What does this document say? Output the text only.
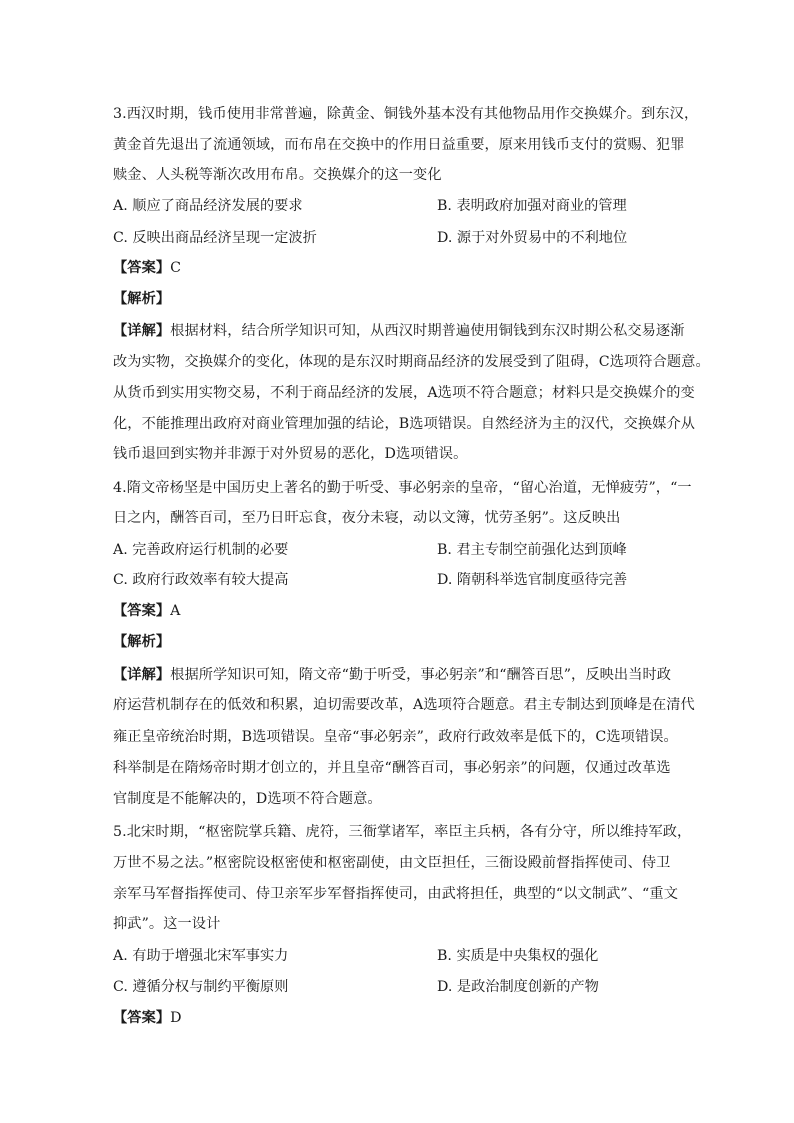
3.西汉时期，钱币使用非常普遍，除黄金、铜钱外基本没有其他物品用作交换媒介。到东汉，
黄金首先退出了流通领域，而布帛在交换中的作用日益重要，原来用钱币支付的赏赐、犯罪
赎金、人头税等渐次改用布帛。交换媒介的这一变化
A. 顺应了商品经济发展的要求	B. 表明政府加强对商业的管理
C. 反映出商品经济呈现一定波折	D. 源于对外贸易中的不利地位
【答案】C
【解析】
【详解】根据材料，结合所学知识可知，从西汉时期普遍使用铜钱到东汉时期公私交易逐渐
改为实物，交换媒介的变化，体现的是东汉时期商品经济的发展受到了阻碍，C选项符合题意。
从货币到实用实物交易，不利于商品经济的发展，A选项不符合题意；材料只是交换媒介的变
化，不能推理出政府对商业管理加强的结论，B选项错误。自然经济为主的汉代，交换媒介从
钱币退回到实物并非源于对外贸易的恶化，D选项错误。
4.隋文帝杨坚是中国历史上著名的勤于听受、事必躬亲的皇帝，“留心治道，无惮疲劳”，“一
日之内，酬答百司，至乃日旰忘食，夜分未寝，动以文簿，忧劳圣躬”。这反映出
A. 完善政府运行机制的必要	B. 君主专制空前强化达到顶峰
C. 政府行政效率有较大提高	D. 隋朝科举选官制度亟待完善
【答案】A
【解析】
【详解】根据所学知识可知，隋文帝“勤于听受，事必躬亲”和“酬答百思”，反映出当时政
府运营机制存在的低效和积累，迫切需要改革，A选项符合题意。君主专制达到顶峰是在清代
雍正皇帝统治时期，B选项错误。皇帝“事必躬亲”，政府行政效率是低下的，C选项错误。
科举制是在隋炀帝时期才创立的，并且皇帝“酬答百司，事必躬亲”的问题，仅通过改革选
官制度是不能解决的，D选项不符合题意。
5.北宋时期，“枢密院掌兵籍、虎符，三衙掌诸军，率臣主兵柄，各有分守，所以维持军政，
万世不易之法。”枢密院设枢密使和枢密副使，由文臣担任，三衙设殿前督指挥使司、侍卫
亲军马军督指挥使司、侍卫亲军步军督指挥使司，由武将担任，典型的“以文制武”、“重文
抑武”。这一设计
A. 有助于增强北宋军事实力	B. 实质是中央集权的强化
C. 遵循分权与制约平衡原则	D. 是政治制度创新的产物
【答案】D
